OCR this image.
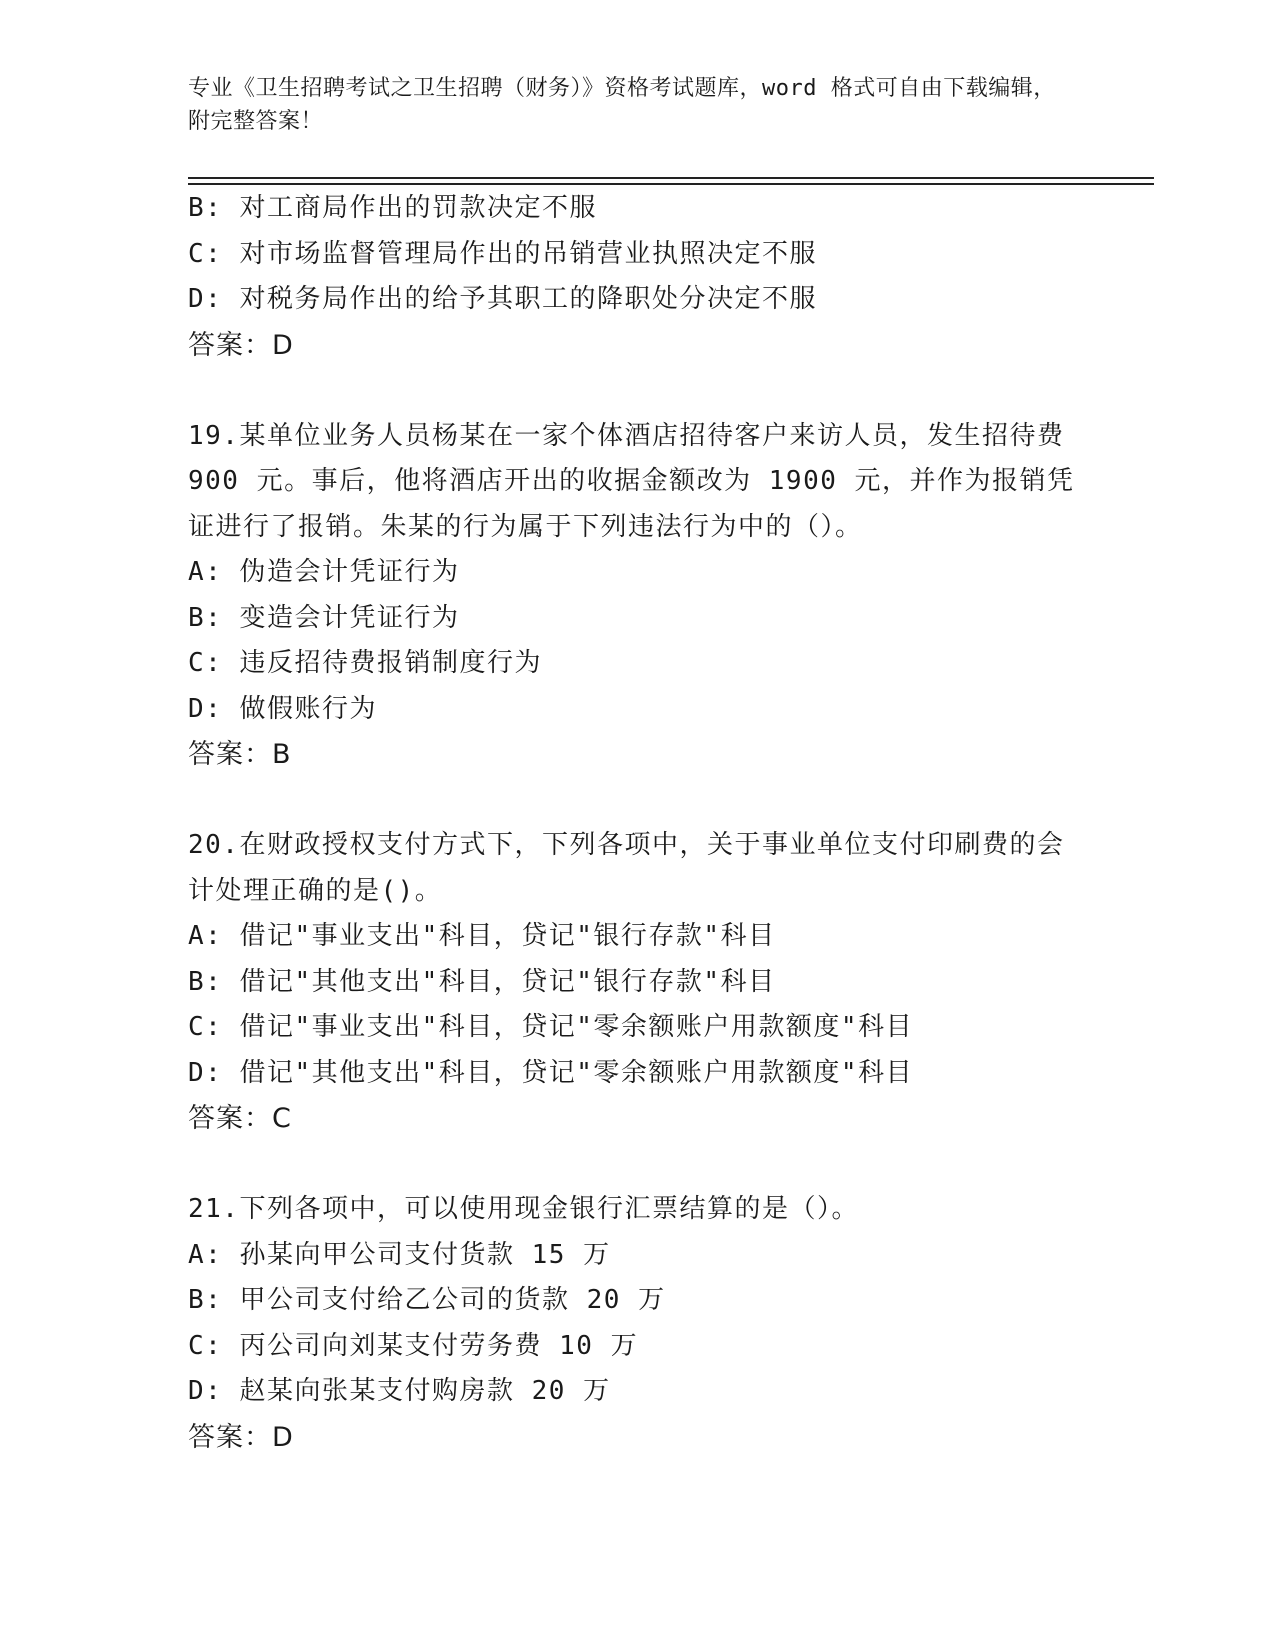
专业《卫生招聘考试之卫生招聘（财务）》资格考试题库，word 格式可自由下载编辑，附完整答案！
B: 对工商局作出的罚款决定不服
C: 对市场监督管理局作出的吊销营业执照决定不服
D: 对税务局作出的给予其职工的降职处分决定不服
答案：D
19.某单位业务人员杨某在一家个体酒店招待客户来访人员，发生招待费 900 元。事后，他将酒店开出的收据金额改为 1900 元，并作为报销凭证进行了报销。朱某的行为属于下列违法行为中的（）。
A: 伪造会计凭证行为
B: 变造会计凭证行为
C: 违反招待费报销制度行为
D: 做假账行为
答案：B
20.在财政授权支付方式下，下列各项中，关于事业单位支付印刷费的会计处理正确的是()。
A: 借记"事业支出"科目，贷记"银行存款"科目
B: 借记"其他支出"科目，贷记"银行存款"科目
C: 借记"事业支出"科目，贷记"零余额账户用款额度"科目
D: 借记"其他支出"科目，贷记"零余额账户用款额度"科目
答案：C
21.下列各项中，可以使用现金银行汇票结算的是（）。
A: 孙某向甲公司支付货款 15 万
B: 甲公司支付给乙公司的货款 20 万
C: 丙公司向刘某支付劳务费 10 万
D: 赵某向张某支付购房款 20 万
答案：D
